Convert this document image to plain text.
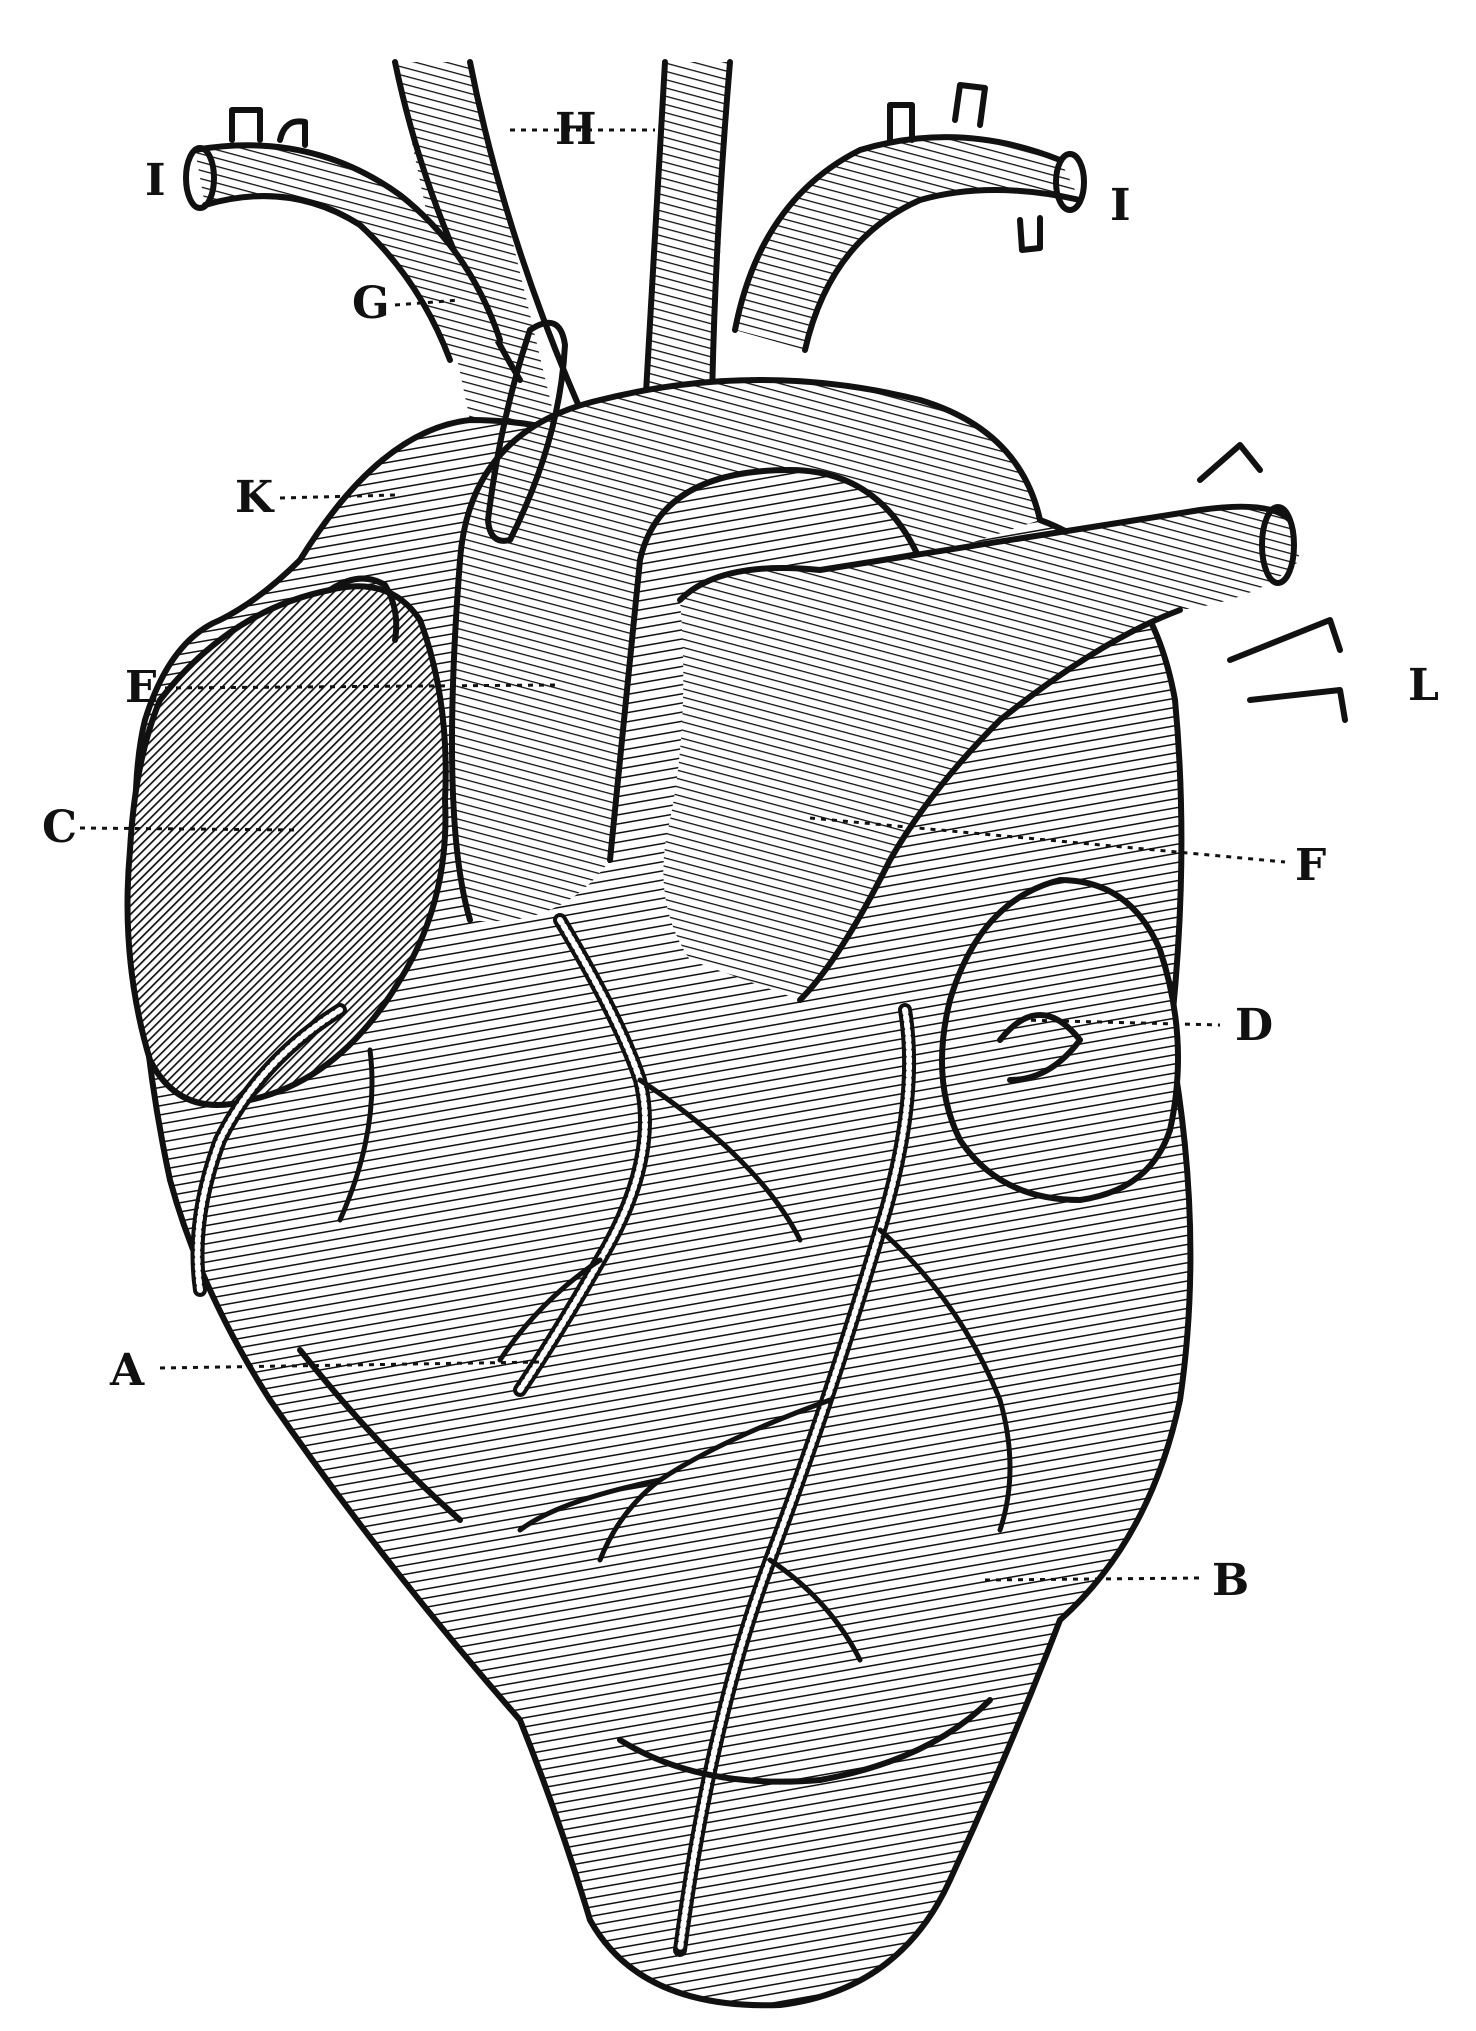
H
I	I
G
K
E
C
L
F
D
A
B
